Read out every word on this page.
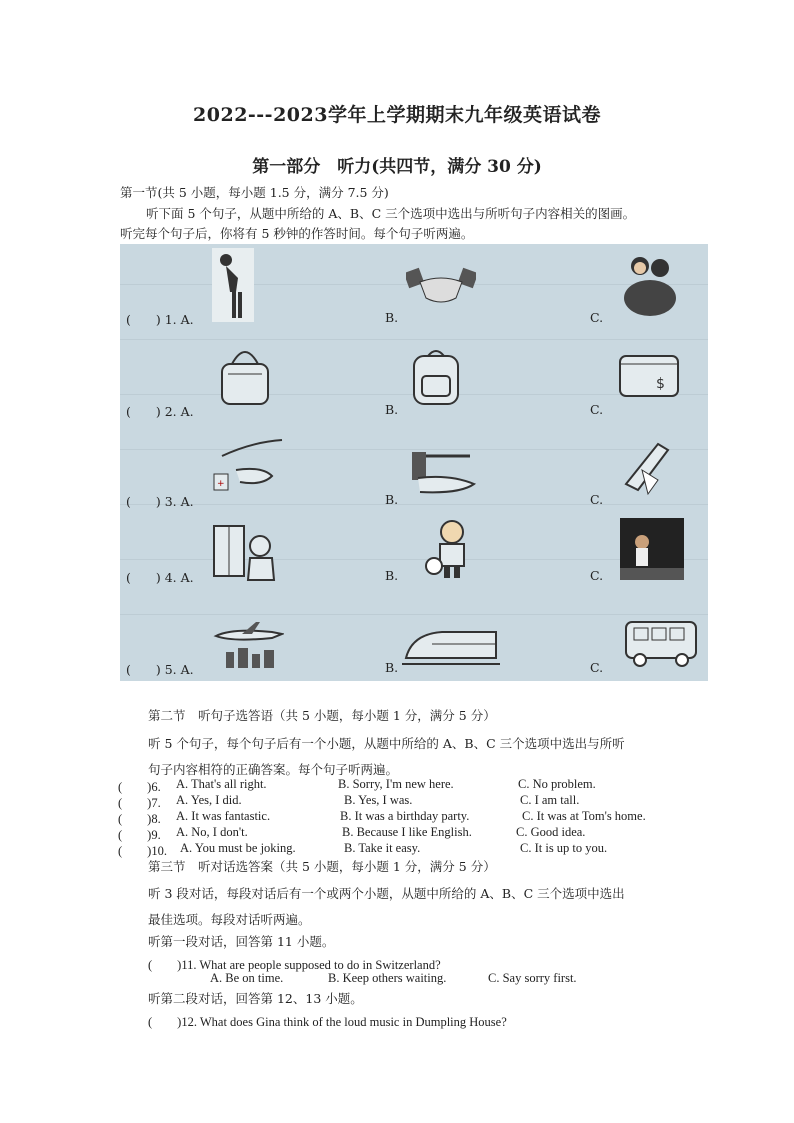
2022---2023学年上学期期末九年级英语试卷
第一部分　听力(共四节，满分 30 分)
第一节(共 5 小题，每小题 1.5 分，满分 7.5 分)
听下面 5 个句子，从题中所给的 A、B、C 三个选项中选出与所听句子内容相关的图画。
听完每个句子后，你将有 5 秒钟的作答时间。每个句子听两遍。
(　　) 1. A.	B.	C.
(　　) 2. A.	B.	C.
$
(　　) 3. A.	B.	C.
+
(　　) 4. A.	B.	C.
(　　) 5. A.	B.	C.
第二节　听句子选答语（共 5 小题，每小题 1 分，满分 5 分）
听 5 个句子，每个句子后有一个小题，从题中所给的 A、B、C 三个选项中选出与所听
句子内容相符的正确答案。每个句子听两遍。
(　　)6. A. That's all right.	B. Sorry, I'm new here.	C. No problem.
(　　)7. A. Yes, I did.	B. Yes, I was.	C. I am tall.
(　　)8. A. It was fantastic.	B. It was a birthday party.	C. It was at Tom's home.
(　　)9. A. No, I don't.	B. Because I like English.	C. Good idea.
(　　)10. A. You must be joking.	B. Take it easy.	C. It is up to you.
第三节　听对话选答案（共 5 小题，每小题 1 分，满分 5 分）
听 3 段对话，每段对话后有一个或两个小题，从题中所给的 A、B、C 三个选项中选出
最佳选项。每段对话听两遍。
听第一段对话，回答第 11 小题。
(　　)11. What are people supposed to do in Switzerland?
A. Be on time.	B. Keep others waiting.	C. Say sorry first.
听第二段对话，回答第 12、13 小题。
(　　)12. What does Gina think of the loud music in Dumpling House?
